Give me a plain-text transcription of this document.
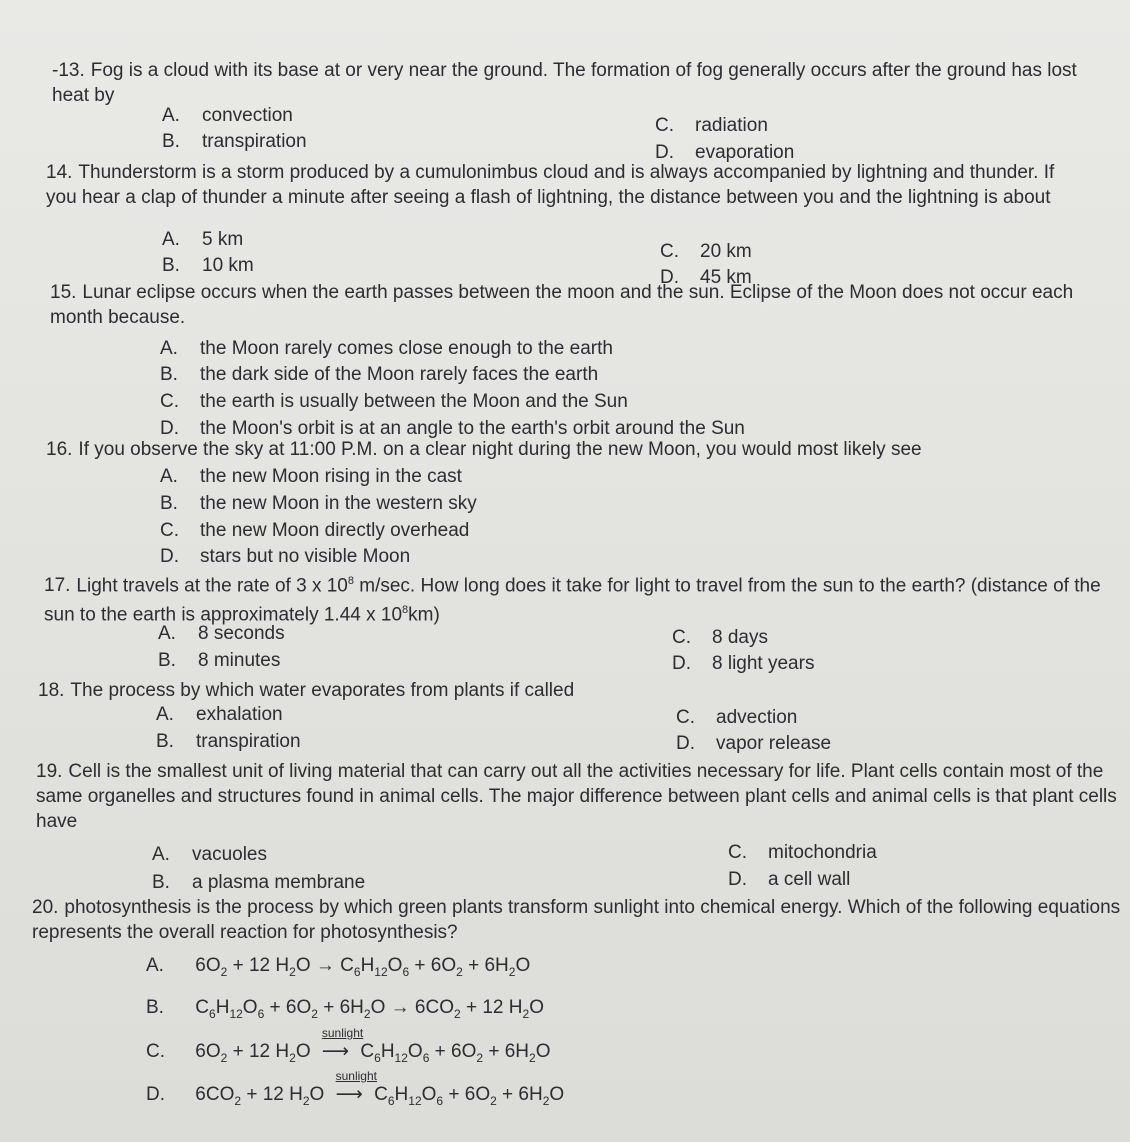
-13. Fog is a cloud with its base at or very near the ground. The formation of fog generally occurs after the ground has lost heat by
A. convection
B. transpiration
C. radiation
D. evaporation
14. Thunderstorm is a storm produced by a cumulonimbus cloud and is always accompanied by lightning and thunder. If you hear a clap of thunder a minute after seeing a flash of lightning, the distance between you and the lightning is about
A. 5 km
B. 10 km
C. 20 km
D. 45 km
15. Lunar eclipse occurs when the earth passes between the moon and the sun. Eclipse of the Moon does not occur each month because.
A. the Moon rarely comes close enough to the earth
B. the dark side of the Moon rarely faces the earth
C. the earth is usually between the Moon and the Sun
D. the Moon's orbit is at an angle to the earth's orbit around the Sun
16. If you observe the sky at 11:00 P.M. on a clear night during the new Moon, you would most likely see
A. the new Moon rising in the cast
B. the new Moon in the western sky
C. the new Moon directly overhead
D. stars but no visible Moon
17. Light travels at the rate of 3 x $10^8$ m/sec. How long does it take for light to travel from the sun to the earth? (distance of the sun to the earth is approximately 1.44 x $10^8km$)
A. 8 seconds
B. 8 minutes
C. 8 days
D. 8 light years
18. The process by which water evaporates from plants if called
A. exhalation
B. transpiration
C. advection
D. vapor release
19. Cell is the smallest unit of living material that can carry out all the activities necessary for life. Plant cells contain most of the same organelles and structures found in animal cells. The major difference between plant cells and animal cells is that plant cells have
A. vacuoles
B. a plasma membrane
C. mitochondria
D. a cell wall
20. photosynthesis is the process by which green plants transform sunlight into chemical energy. Which of the following equations represents the overall reaction for photosynthesis?
A. $6O_2 + 12$ $H_2O \to C_6H_{12}O_6 + 6O_2 + 6H_2O$
B. $C_6H_{12}O_6 + 6O_2 + 6H_2O \to 6CO_2 + 12$ $H_2O$
C. $6O_2 + 12$ $H_2O$
sunlight
⟶ $C_6H_{12}O_6 + 6O_2 + 6H_2O$
D. $6CO_2 + 12$ $H_2O$
sunlight
⟶ $C_6H_{12}O_6 + 6O_2 + 6H_2O$
